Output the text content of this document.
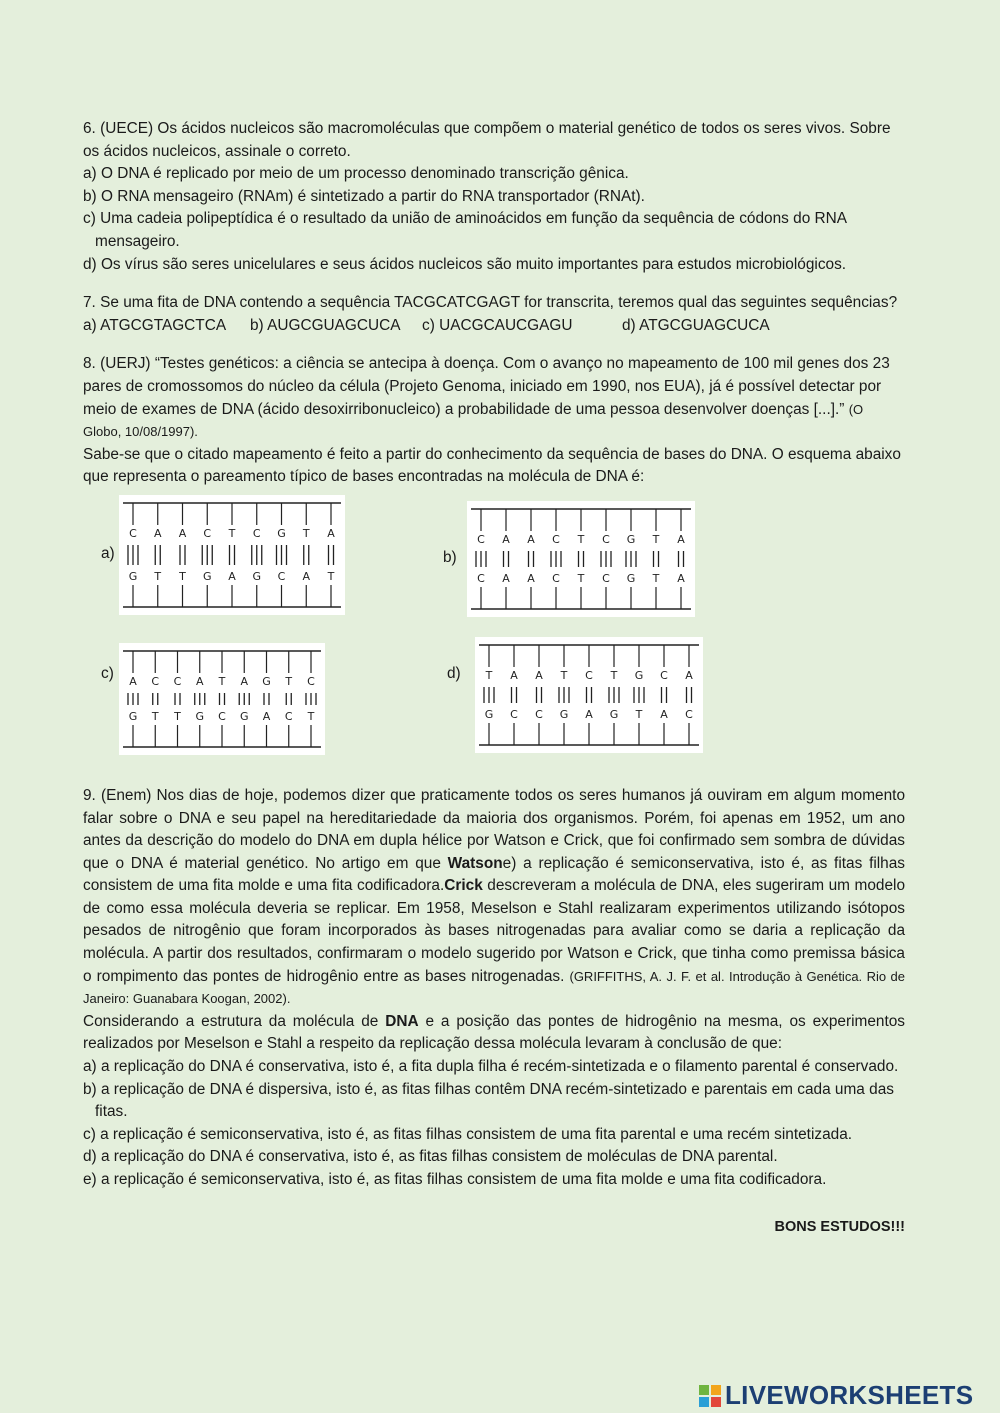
6. (UECE) Os ácidos nucleicos são macromoléculas que compõem o material genético de todos os seres vivos. Sobre os ácidos nucleicos, assinale o correto.

a) O DNA é replicado por meio de um processo denominado transcrição gênica.

b) O RNA mensageiro (RNAm) é sintetizado a partir do RNA transportador (RNAt).

c) Uma cadeia polipeptídica é o resultado da união de aminoácidos em função da sequência de códons do RNA mensageiro.

d) Os vírus são seres unicelulares e seus ácidos nucleicos são muito importantes para estudos microbiológicos.

7. Se uma fita de DNA contendo a sequência TACGCATCGAGT for transcrita, teremos qual das seguintes sequências?

a) ATGCGTAGCTCA b) AUGCGUAGCUCA c) UACGCAUCGAGU	d) ATGCGUAGCUCA

8. (UERJ) “Testes genéticos: a ciência se antecipa à doença. Com o avanço no mapeamento de 100 mil genes dos 23 pares de cromossomos do núcleo da célula (Projeto Genoma, iniciado em 1990, nos EUA), já é possível detectar por meio de exames de DNA (ácido desoxirribonucleico) a probabilidade de uma pessoa desenvolver doenças [...].” (O Globo, 10/08/1997).

Sabe-se que o citado mapeamento é feito a partir do conhecimento da sequência de bases do DNA. O esquema abaixo que representa o pareamento típico de bases encontradas na molécula de DNA é:

a)
C
G
A
T
A
T
C
G
T
A
C
G
G
C
T
A
A
T
b)
C
C
A
A
A
A
C
C
T
T
C
C
G
G
T
T
A
A
c) A
G
C
T
C
T
A
G
T
C
A
G
G
A
T
C
C
T
d) T
G
A
C
A
C
T
G
C
A
T
G
G
T
C
A
A
C

9. (Enem) Nos dias de hoje, podemos dizer que praticamente todos os seres humanos já ouviram em algum momento falar sobre o DNA e seu papel na hereditariedade da maioria dos organismos. Porém, foi apenas em 1952, um ano antes da descrição do modelo do DNA em dupla hélice por Watson e Crick, que foi confirmado sem sombra de dúvidas que o DNA é material genético. No artigo em que Watsone) a replicação é semiconservativa, isto é, as fitas filhas consistem de uma fita molde e uma fita codificadora.Crick descreveram a molécula de DNA, eles sugeriram um modelo de como essa molécula deveria se replicar. Em 1958, Meselson e Stahl realizaram experimentos utilizando isótopos pesados de nitrogênio que foram incorporados às bases nitrogenadas para avaliar como se daria a replicação da molécula. A partir dos resultados, confirmaram o modelo sugerido por Watson e Crick, que tinha como premissa básica o rompimento das pontes de hidrogênio entre as bases nitrogenadas. (GRIFFITHS, A. J. F. et al. Introdução à Genética. Rio de Janeiro: Guanabara Koogan, 2002).

Considerando a estrutura da molécula de DNA e a posição das pontes de hidrogênio na mesma, os experimentos realizados por Meselson e Stahl a respeito da replicação dessa molécula levaram à conclusão de que:

a) a replicação do DNA é conservativa, isto é, a fita dupla filha é recém-sintetizada e o filamento parental é conservado.

b) a replicação de DNA é dispersiva, isto é, as fitas filhas contêm DNA recém-sintetizado e parentais em cada uma das fitas.

c) a replicação é semiconservativa, isto é, as fitas filhas consistem de uma fita parental e uma recém sintetizada.

d) a replicação do DNA é conservativa, isto é, as fitas filhas consistem de moléculas de DNA parental.

e) a replicação é semiconservativa, isto é, as fitas filhas consistem de uma fita molde e uma fita codificadora.

BONS ESTUDOS!!!

LIVEWORKSHEETS
